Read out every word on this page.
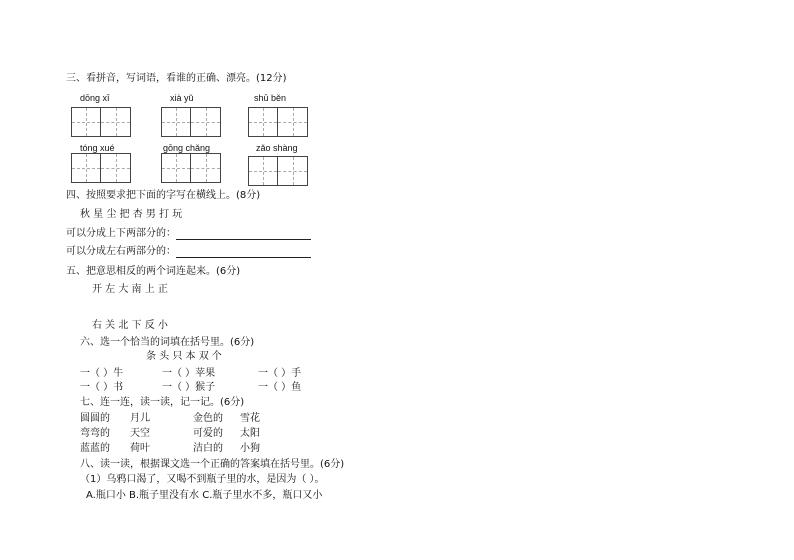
三、看拼音，写词语，看谁的正确、漂亮。(12分)
dōng xī	xià yǔ	shū běn
tóng xué	gōng chǎng	zǎo shàng
四、按照要求把下面的字写在横线上。(8分)
秋 星 尘 把 杏 男 打 玩
可以分成上下两部分的：
可以分成左右两部分的：
五、把意思相反的两个词连起来。(6分)
开 左 大 南 上 正
右 关 北 下 反 小
六、选一个恰当的词填在括号里。(6分)
条 头 只 本 双 个
一（ ）牛	一（ ）苹果	一（ ）手
一（ ）书	一（ ）猴子	一（ ）鱼
七、连一连，读一读，记一记。(6分)
圆圆的 月儿	金色的 雪花
弯弯的 天空	可爱的 太阳
蓝蓝的 荷叶	洁白的 小狗
八、读一读，根据课文选一个正确的答案填在括号里。(6分)
（1）乌鸦口渴了，又喝不到瓶子里的水，是因为（ ）。
A.瓶口小 B.瓶子里没有水 C.瓶子里水不多，瓶口又小
